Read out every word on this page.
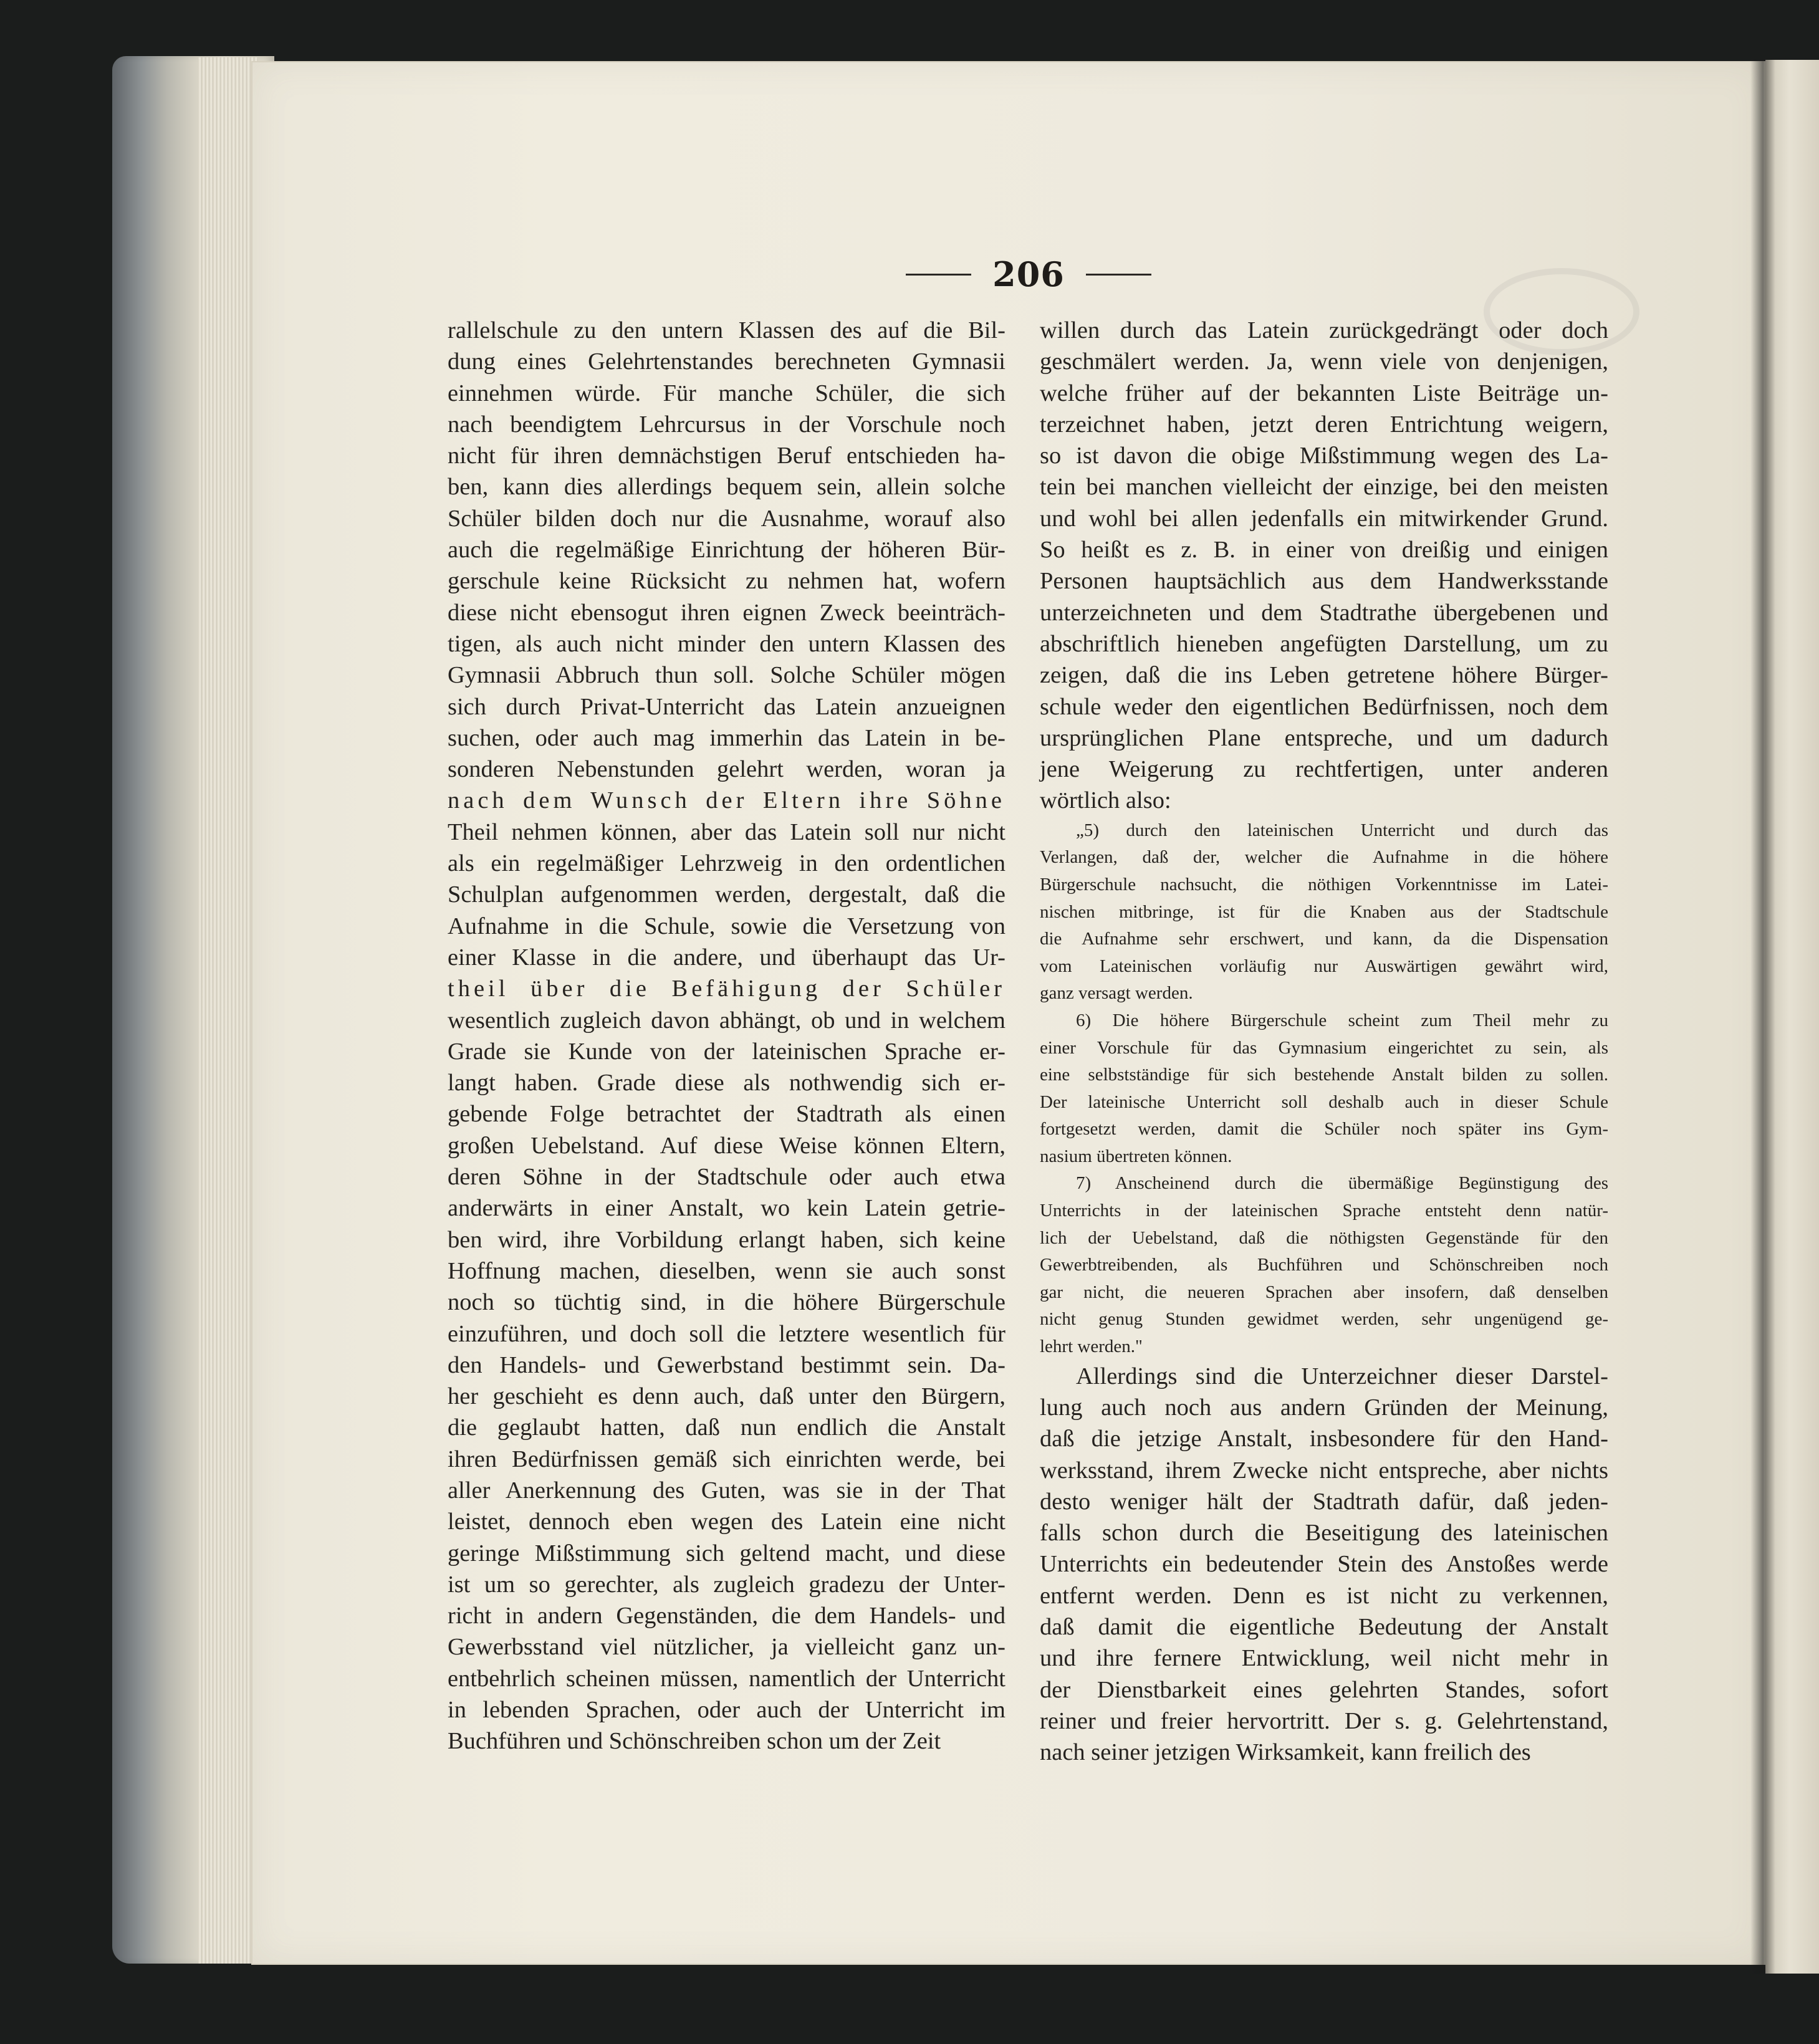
206
rallelschule zu den untern Klassen des auf die Bil-
dung eines Gelehrtenstandes berechneten Gymnasii
einnehmen würde. Für manche Schüler, die sich
nach beendigtem Lehrcursus in der Vorschule noch
nicht für ihren demnächstigen Beruf entschieden ha-
ben, kann dies allerdings bequem sein, allein solche
Schüler bilden doch nur die Ausnahme, worauf also
auch die regelmäßige Einrichtung der höheren Bür-
gerschule keine Rücksicht zu nehmen hat, wofern
diese nicht ebensogut ihren eignen Zweck beeinträch-
tigen, als auch nicht minder den untern Klassen des
Gymnasii Abbruch thun soll. Solche Schüler mögen
sich durch Privat-Unterricht das Latein anzueignen
suchen, oder auch mag immerhin das Latein in be-
sonderen Nebenstunden gelehrt werden, woran ja
nach dem Wunsch der Eltern ihre Söhne
Theil nehmen können, aber das Latein soll nur nicht
als ein regelmäßiger Lehrzweig in den ordentlichen
Schulplan aufgenommen werden, dergestalt, daß die
Aufnahme in die Schule, sowie die Versetzung von
einer Klasse in die andere, und überhaupt das Ur-
theil über die Befähigung der Schüler
wesentlich zugleich davon abhängt, ob und in welchem
Grade sie Kunde von der lateinischen Sprache er-
langt haben. Grade diese als nothwendig sich er-
gebende Folge betrachtet der Stadtrath als einen
großen Uebelstand. Auf diese Weise können Eltern,
deren Söhne in der Stadtschule oder auch etwa
anderwärts in einer Anstalt, wo kein Latein getrie-
ben wird, ihre Vorbildung erlangt haben, sich keine
Hoffnung machen, dieselben, wenn sie auch sonst
noch so tüchtig sind, in die höhere Bürgerschule
einzuführen, und doch soll die letztere wesentlich für
den Handels- und Gewerbstand bestimmt sein. Da-
her geschieht es denn auch, daß unter den Bürgern,
die geglaubt hatten, daß nun endlich die Anstalt
ihren Bedürfnissen gemäß sich einrichten werde, bei
aller Anerkennung des Guten, was sie in der That
leistet, dennoch eben wegen des Latein eine nicht
geringe Mißstimmung sich geltend macht, und diese
ist um so gerechter, als zugleich gradezu der Unter-
richt in andern Gegenständen, die dem Handels- und
Gewerbsstand viel nützlicher, ja vielleicht ganz un-
entbehrlich scheinen müssen, namentlich der Unterricht
in lebenden Sprachen, oder auch der Unterricht im
Buchführen und Schönschreiben schon um der Zeit
willen durch das Latein zurückgedrängt oder doch
geschmälert werden. Ja, wenn viele von denjenigen,
welche früher auf der bekannten Liste Beiträge un-
terzeichnet haben, jetzt deren Entrichtung weigern,
so ist davon die obige Mißstimmung wegen des La-
tein bei manchen vielleicht der einzige, bei den meisten
und wohl bei allen jedenfalls ein mitwirkender Grund.
So heißt es z. B. in einer von dreißig und einigen
Personen hauptsächlich aus dem Handwerksstande
unterzeichneten und dem Stadtrathe übergebenen und
abschriftlich hieneben angefügten Darstellung, um zu
zeigen, daß die ins Leben getretene höhere Bürger-
schule weder den eigentlichen Bedürfnissen, noch dem
ursprünglichen Plane entspreche, und um dadurch
jene Weigerung zu rechtfertigen, unter anderen
wörtlich also:
„5) durch den lateinischen Unterricht und durch das
Verlangen, daß der, welcher die Aufnahme in die höhere
Bürgerschule nachsucht, die nöthigen Vorkenntnisse im Latei-
nischen mitbringe, ist für die Knaben aus der Stadtschule
die Aufnahme sehr erschwert, und kann, da die Dispensation
vom Lateinischen vorläufig nur Auswärtigen gewährt wird,
ganz versagt werden.
6) Die höhere Bürgerschule scheint zum Theil mehr zu
einer Vorschule für das Gymnasium eingerichtet zu sein, als
eine selbstständige für sich bestehende Anstalt bilden zu sollen.
Der lateinische Unterricht soll deshalb auch in dieser Schule
fortgesetzt werden, damit die Schüler noch später ins Gym-
nasium übertreten können.
7) Anscheinend durch die übermäßige Begünstigung des
Unterrichts in der lateinischen Sprache entsteht denn natür-
lich der Uebelstand, daß die nöthigsten Gegenstände für den
Gewerbtreibenden, als Buchführen und Schönschreiben noch
gar nicht, die neueren Sprachen aber insofern, daß denselben
nicht genug Stunden gewidmet werden, sehr ungenügend ge-
lehrt werden."
Allerdings sind die Unterzeichner dieser Darstel-
lung auch noch aus andern Gründen der Meinung,
daß die jetzige Anstalt, insbesondere für den Hand-
werksstand, ihrem Zwecke nicht entspreche, aber nichts
desto weniger hält der Stadtrath dafür, daß jeden-
falls schon durch die Beseitigung des lateinischen
Unterrichts ein bedeutender Stein des Anstoßes werde
entfernt werden. Denn es ist nicht zu verkennen,
daß damit die eigentliche Bedeutung der Anstalt
und ihre fernere Entwicklung, weil nicht mehr in
der Dienstbarkeit eines gelehrten Standes, sofort
reiner und freier hervortritt. Der s. g. Gelehrtenstand,
nach seiner jetzigen Wirksamkeit, kann freilich des
